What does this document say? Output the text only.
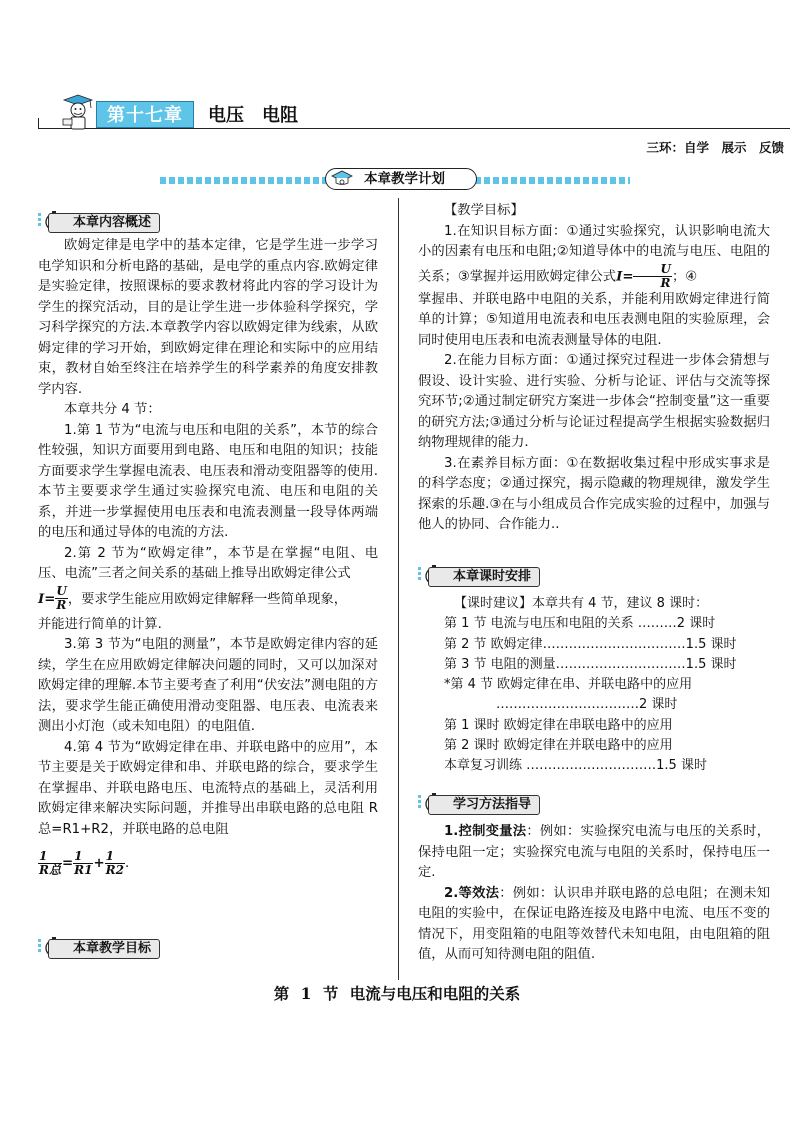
第十七章	电压　电阻
三环：自学　展示　反馈
本章教学计划
本章内容概述

欧姆定律是电学中的基本定律，它是学生进一步学习电学知识和分析电路的基础，是电学的重点内容.欧姆定律是实验定律，按照课标的要求教材将此内容的学习设计为学生的探究活动，目的是让学生进一步体验科学探究，学习科学探究的方法.本章教学内容以欧姆定律为线索，从欧姆定律的学习开始，到欧姆定律在理论和实际中的应用结束，教材自始至终注在培养学生的科学素养的角度安排教学内容.

本章共分 4 节：

1.第 1 节为“电流与电压和电阻的关系”，本节的综合性较强，知识方面要用到电路、电压和电阻的知识；技能方面要求学生掌握电流表、电压表和滑动变阻器等的使用.本节主要要求学生通过实验探究电流、电压和电阻的关系，并进一步掌握使用电压表和电流表测量一段导体两端的电压和通过导体的电流的方法.

2.第 2 节为“欧姆定律”，本节是在掌握“电阻、电压、电流”三者之间关系的基础上推导出欧姆定律公式

$I= \frac{U}{R}$ ，要求学生能应用欧姆定律解释一些简单现象，

并能进行简单的计算.

3.第 3 节为“电阻的测量”，本节是欧姆定律内容的延续，学生在应用欧姆定律解决问题的同时，又可以加深对欧姆定律的理解.本节主要考查了利用“伏安法”测电阻的方法，要求学生能正确使用滑动变阻器、电压表、电流表来测出小灯泡（或未知电阻）的电阻值.

4.第 4 节为“欧姆定律在串、并联电路中的应用”，本节主要是关于欧姆定律和串、并联电路的综合，要求学生在掌握串、并联电路电压、电流特点的基础上，灵活利用欧姆定律来解决实际问题，并推导出串联电路的总电阻 R 总=R1+R2，并联电路的总电阻

$\frac{1}{\text{R总}} = \frac{1}{R1} + \frac{1}{R2}$ .

本章教学目标

【教学目标】

1.在知识目标方面：①通过实验探究，认识影响电流大小的因素有电压和电阻;②知道导体中的电流与电压、电阻的关系；③掌握并运用欧姆定律公式$I= \frac{U}{R}$ ；④

掌握串、并联电路中电阻的关系，并能利用欧姆定律进行简单的计算；⑤知道用电流表和电压表测电阻的实验原理，会同时使用电压表和电流表测量导体的电阻.

2.在能力目标方面：①通过探究过程进一步体会猜想与假设、设计实验、进行实验、分析与论证、评估与交流等探究环节;②通过制定研究方案进一步体会“控制变量”这一重要的研究方法;③通过分析与论证过程提高学生根据实验数据归纳物理规律的能力.

3.在素养目标方面：①在数据收集过程中形成实事求是的科学态度；②通过探究，揭示隐藏的物理规律，激发学生探索的乐趣.③在与小组成员合作完成实验的过程中，加强与他人的协同、合作能力..

本章课时安排

【课时建议】本章共有 4 节，建议 8 课时：

第 1 节 电流与电压和电阻的关系 ………2 课时

第 2 节 欧姆定律……………………………1.5 课时

第 3 节 电阻的测量…………………………1.5 课时

*第 4 节 欧姆定律在串、并联电路中的应用

……………………………2 课时

第 1 课时 欧姆定律在串联电路中的应用

第 2 课时 欧姆定律在并联电路中的应用

本章复习训练 …………………………1.5 课时

学习方法指导

1.控制变量法：例如：实验探究电流与电压的关系时，保持电阻一定；实验探究电流与电阻的关系时，保持电压一定.

2.等效法：例如：认识串并联电路的总电阻；在测未知电阻的实验中，在保证电路连接及电路中电流、电压不变的情况下，用变阻箱的电阻等效替代未知电阻，由电阻箱的阻值，从而可知待测电阻的阻值.

第 1 节 电流与电压和电阻的关系
